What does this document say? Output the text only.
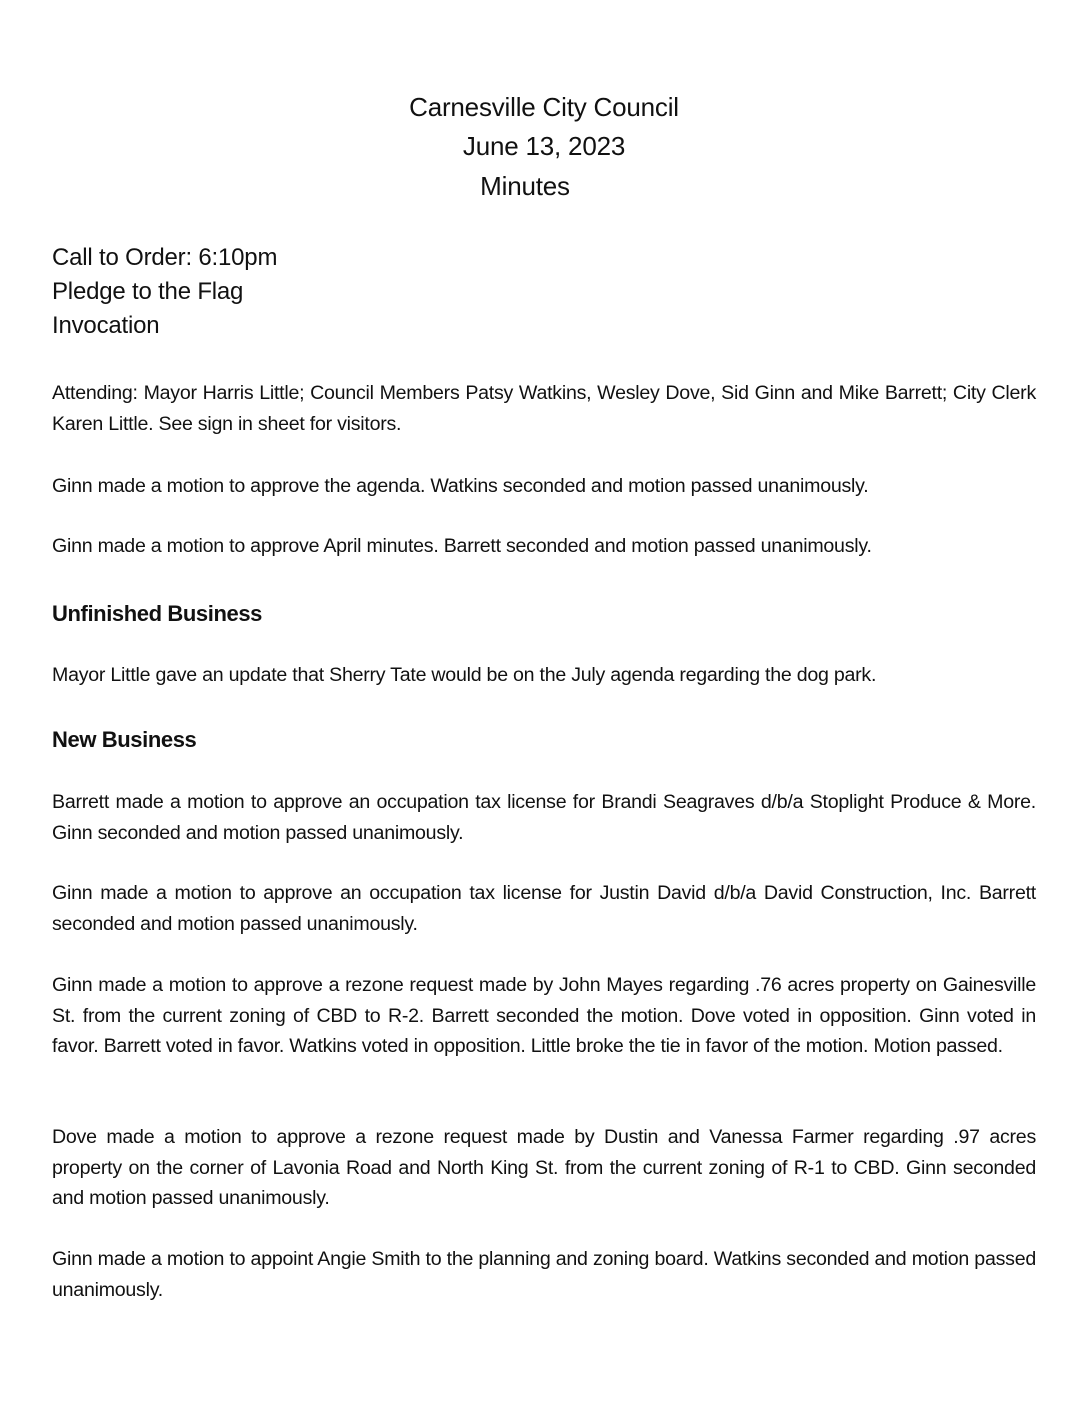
Carnesville City Council
June 13, 2023
Minutes
Call to Order: 6:10pm
Pledge to the Flag
Invocation

Attending: Mayor Harris Little; Council Members Patsy Watkins, Wesley Dove, Sid Ginn and Mike Barrett; City Clerk Karen Little. See sign in sheet for visitors.

Ginn made a motion to approve the agenda. Watkins seconded and motion passed unanimously.

Ginn made a motion to approve April minutes. Barrett seconded and motion passed unanimously.

Unfinished Business

Mayor Little gave an update that Sherry Tate would be on the July agenda regarding the dog park.

New Business

Barrett made a motion to approve an occupation tax license for Brandi Seagraves d/b/a Stoplight Produce & More. Ginn seconded and motion passed unanimously.

Ginn made a motion to approve an occupation tax license for Justin David d/b/a David Construction, Inc. Barrett seconded and motion passed unanimously.

Ginn made a motion to approve a rezone request made by John Mayes regarding .76 acres property on Gainesville St. from the current zoning of CBD to R-2. Barrett seconded the motion. Dove voted in opposition. Ginn voted in favor. Barrett voted in favor. Watkins voted in opposition. Little broke the tie in favor of the motion. Motion passed.

Dove made a motion to approve a rezone request made by Dustin and Vanessa Farmer regarding .97 acres property on the corner of Lavonia Road and North King St. from the current zoning of R-1 to CBD. Ginn seconded and motion passed unanimously.

Ginn made a motion to appoint Angie Smith to the planning and zoning board. Watkins seconded and motion passed unanimously.
